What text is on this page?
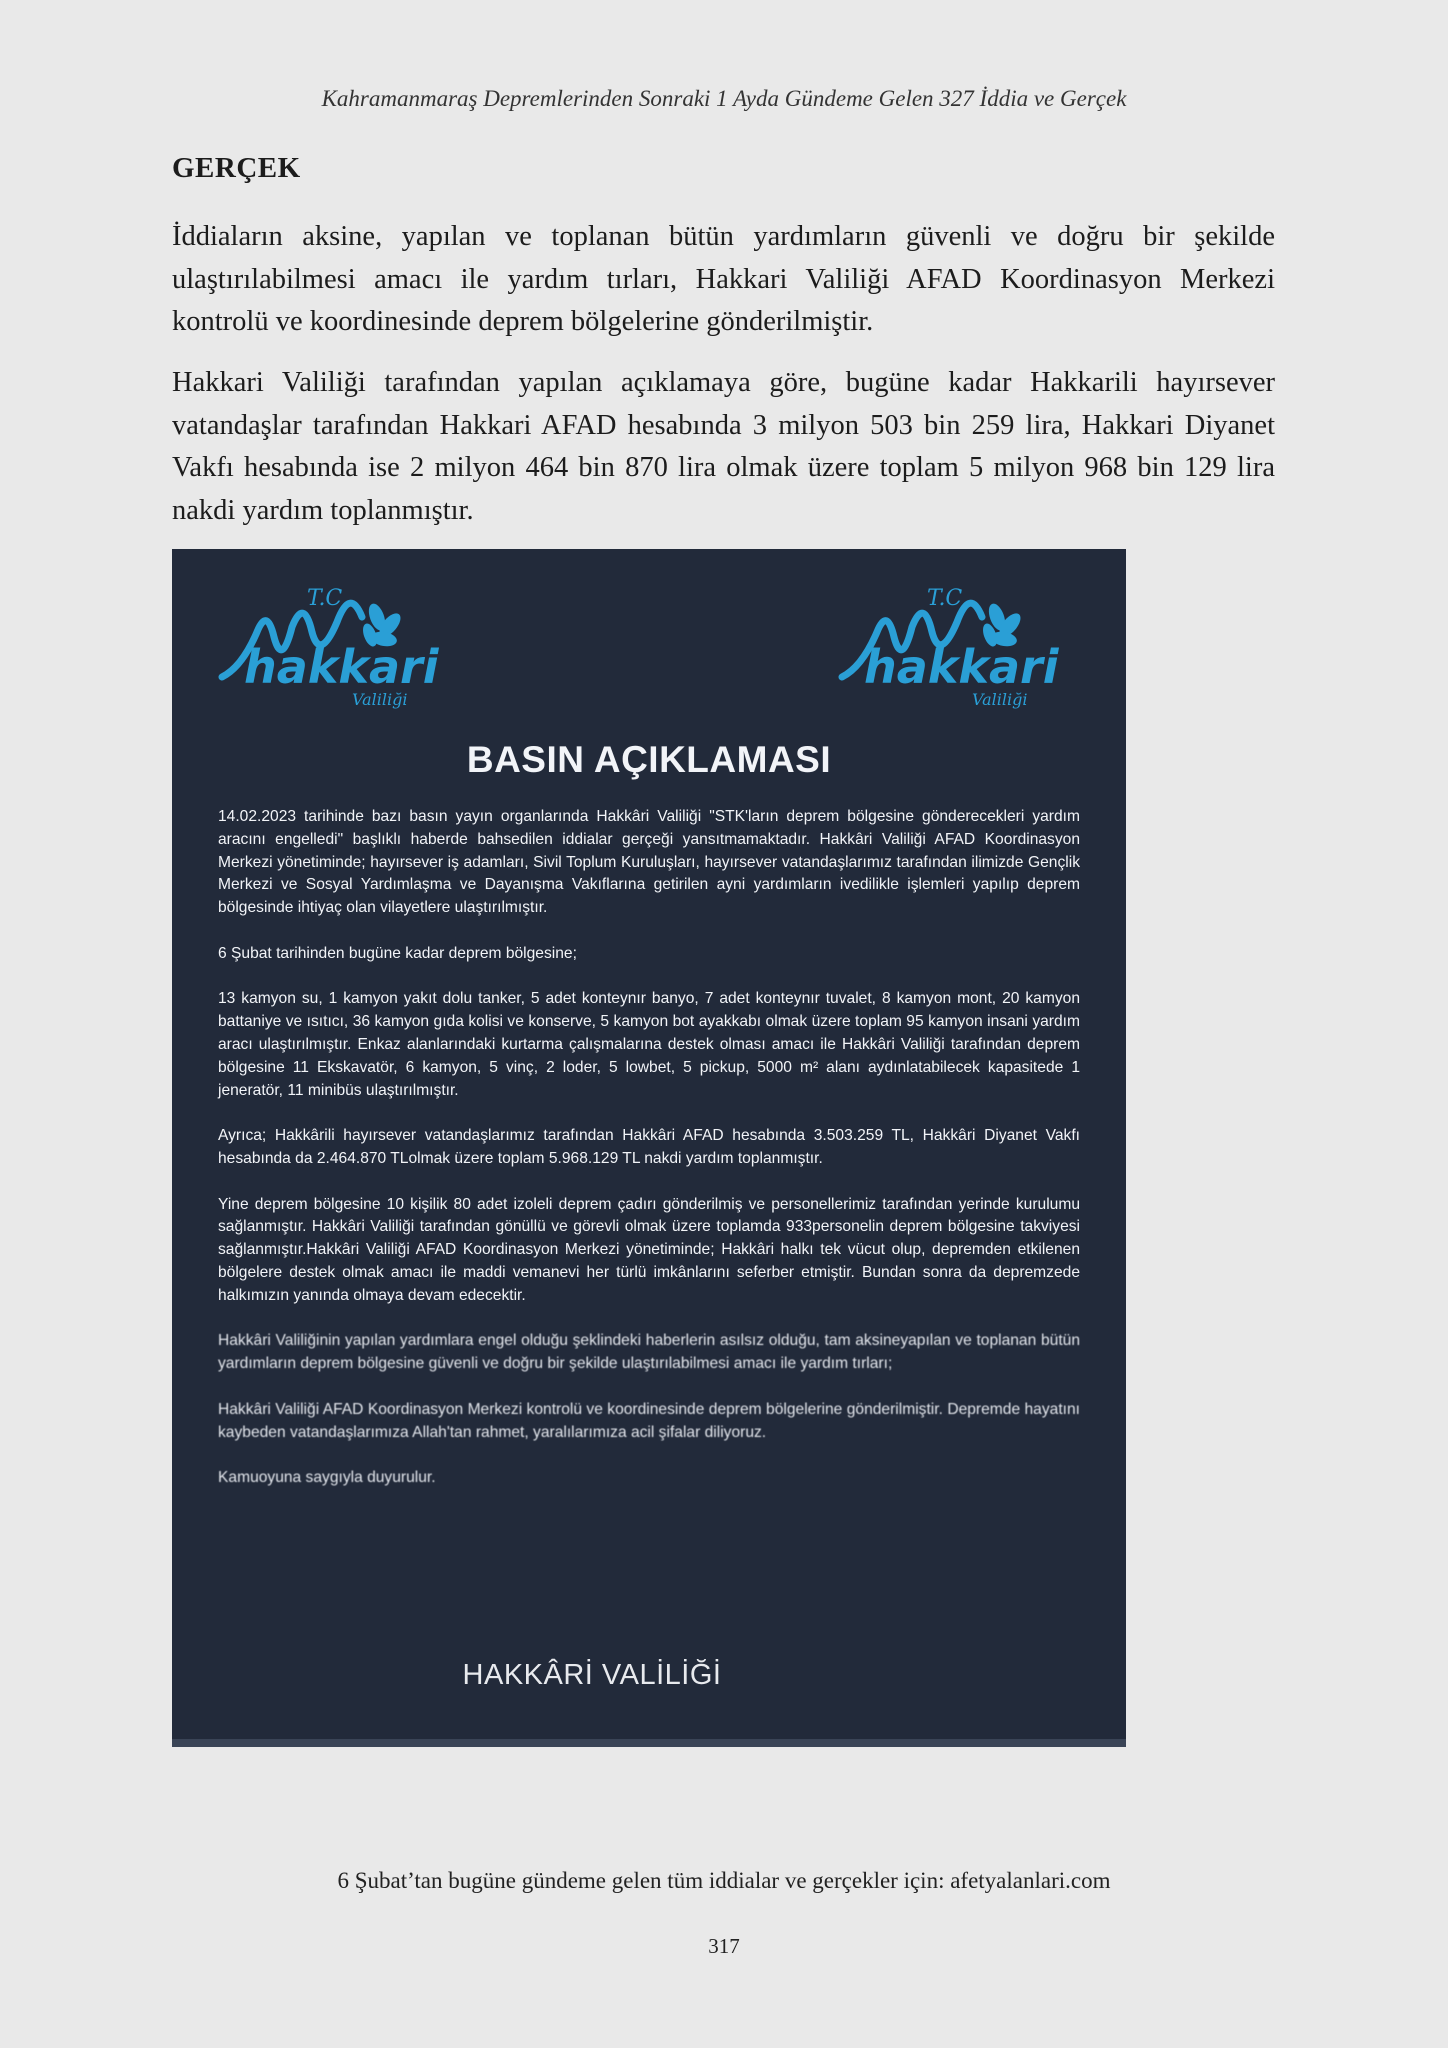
Kahramanmaraş Depremlerinden Sonraki 1 Ayda Gündeme Gelen 327 İddia ve Gerçek
GERÇEK

İddiaların aksine, yapılan ve toplanan bütün yardımların güvenli ve doğru bir şekilde ulaştırılabilmesi amacı ile yardım tırları, Hakkari Valiliği AFAD Koordinasyon Merkezi kontrolü ve koordinesinde deprem bölgelerine gönderilmiştir.

Hakkari Valiliği tarafından yapılan açıklamaya göre, bugüne kadar Hakkarili hayırsever vatandaşlar tarafından Hakkari AFAD hesabında 3 milyon 503 bin 259 lira, Hakkari Diyanet Vakfı hesabında ise 2 milyon 464 bin 870 lira olmak üzere toplam 5 milyon 968 bin 129 lira nakdi yardım toplanmıştır.

T.C.
hakkari
Valiliği
T.C.
hakkari
Valiliği
BASIN AÇIKLAMASI

14.02.2023 tarihinde bazı basın yayın organlarında Hakkâri Valiliği "STK'ların deprem bölgesine gönderecekleri yardım aracını engelledi" başlıklı haberde bahsedilen iddialar gerçeği yansıtmamaktadır. Hakkâri Valiliği AFAD Koordinasyon Merkezi yönetiminde; hayırsever iş adamları, Sivil Toplum Kuruluşları, hayırsever vatandaşlarımız tarafından ilimizde Gençlik Merkezi ve Sosyal Yardımlaşma ve Dayanışma Vakıflarına getirilen ayni yardımların ivedilikle işlemleri yapılıp deprem bölgesinde ihtiyaç olan vilayetlere ulaştırılmıştır.

6 Şubat tarihinden bugüne kadar deprem bölgesine;

13 kamyon su, 1 kamyon yakıt dolu tanker, 5 adet konteynır banyo, 7 adet konteynır tuvalet, 8 kamyon mont, 20 kamyon battaniye ve ısıtıcı, 36 kamyon gıda kolisi ve konserve, 5 kamyon bot ayakkabı olmak üzere toplam 95 kamyon insani yardım aracı ulaştırılmıştır. Enkaz alanlarındaki kurtarma çalışmalarına destek olması amacı ile Hakkâri Valiliği tarafından deprem bölgesine 11 Ekskavatör, 6 kamyon, 5 vinç, 2 loder, 5 lowbet, 5 pickup, 5000 m² alanı aydınlatabilecek kapasitede 1 jeneratör, 11 minibüs ulaştırılmıştır.

Ayrıca; Hakkârili hayırsever vatandaşlarımız tarafından Hakkâri AFAD hesabında 3.503.259 TL, Hakkâri Diyanet Vakfı hesabında da 2.464.870 TLolmak üzere toplam 5.968.129 TL nakdi yardım toplanmıştır.

Yine deprem bölgesine 10 kişilik 80 adet izoleli deprem çadırı gönderilmiş ve personellerimiz tarafından yerinde kurulumu sağlanmıştır. Hakkâri Valiliği tarafından gönüllü ve görevli olmak üzere toplamda 933personelin deprem bölgesine takviyesi sağlanmıştır.Hakkâri Valiliği AFAD Koordinasyon Merkezi yönetiminde; Hakkâri halkı tek vücut olup, depremden etkilenen bölgelere destek olmak amacı ile maddi vemanevi her türlü imkânlarını seferber etmiştir. Bundan sonra da depremzede halkımızın yanında olmaya devam edecektir.

Hakkâri Valiliğinin yapılan yardımlara engel olduğu şeklindeki haberlerin asılsız olduğu, tam aksineyapılan ve toplanan bütün yardımların deprem bölgesine güvenli ve doğru bir şekilde ulaştırılabilmesi amacı ile yardım tırları;

Hakkâri Valiliği AFAD Koordinasyon Merkezi kontrolü ve koordinesinde deprem bölgelerine gönderilmiştir. Depremde hayatını kaybeden vatandaşlarımıza Allah'tan rahmet, yaralılarımıza acil şifalar diliyoruz.

Kamuoyuna saygıyla duyurulur.

HAKKÂRİ VALİLİĞİ
6 Şubat’tan bugüne gündeme gelen tüm iddialar ve gerçekler için: afetyalanlari.com
317
